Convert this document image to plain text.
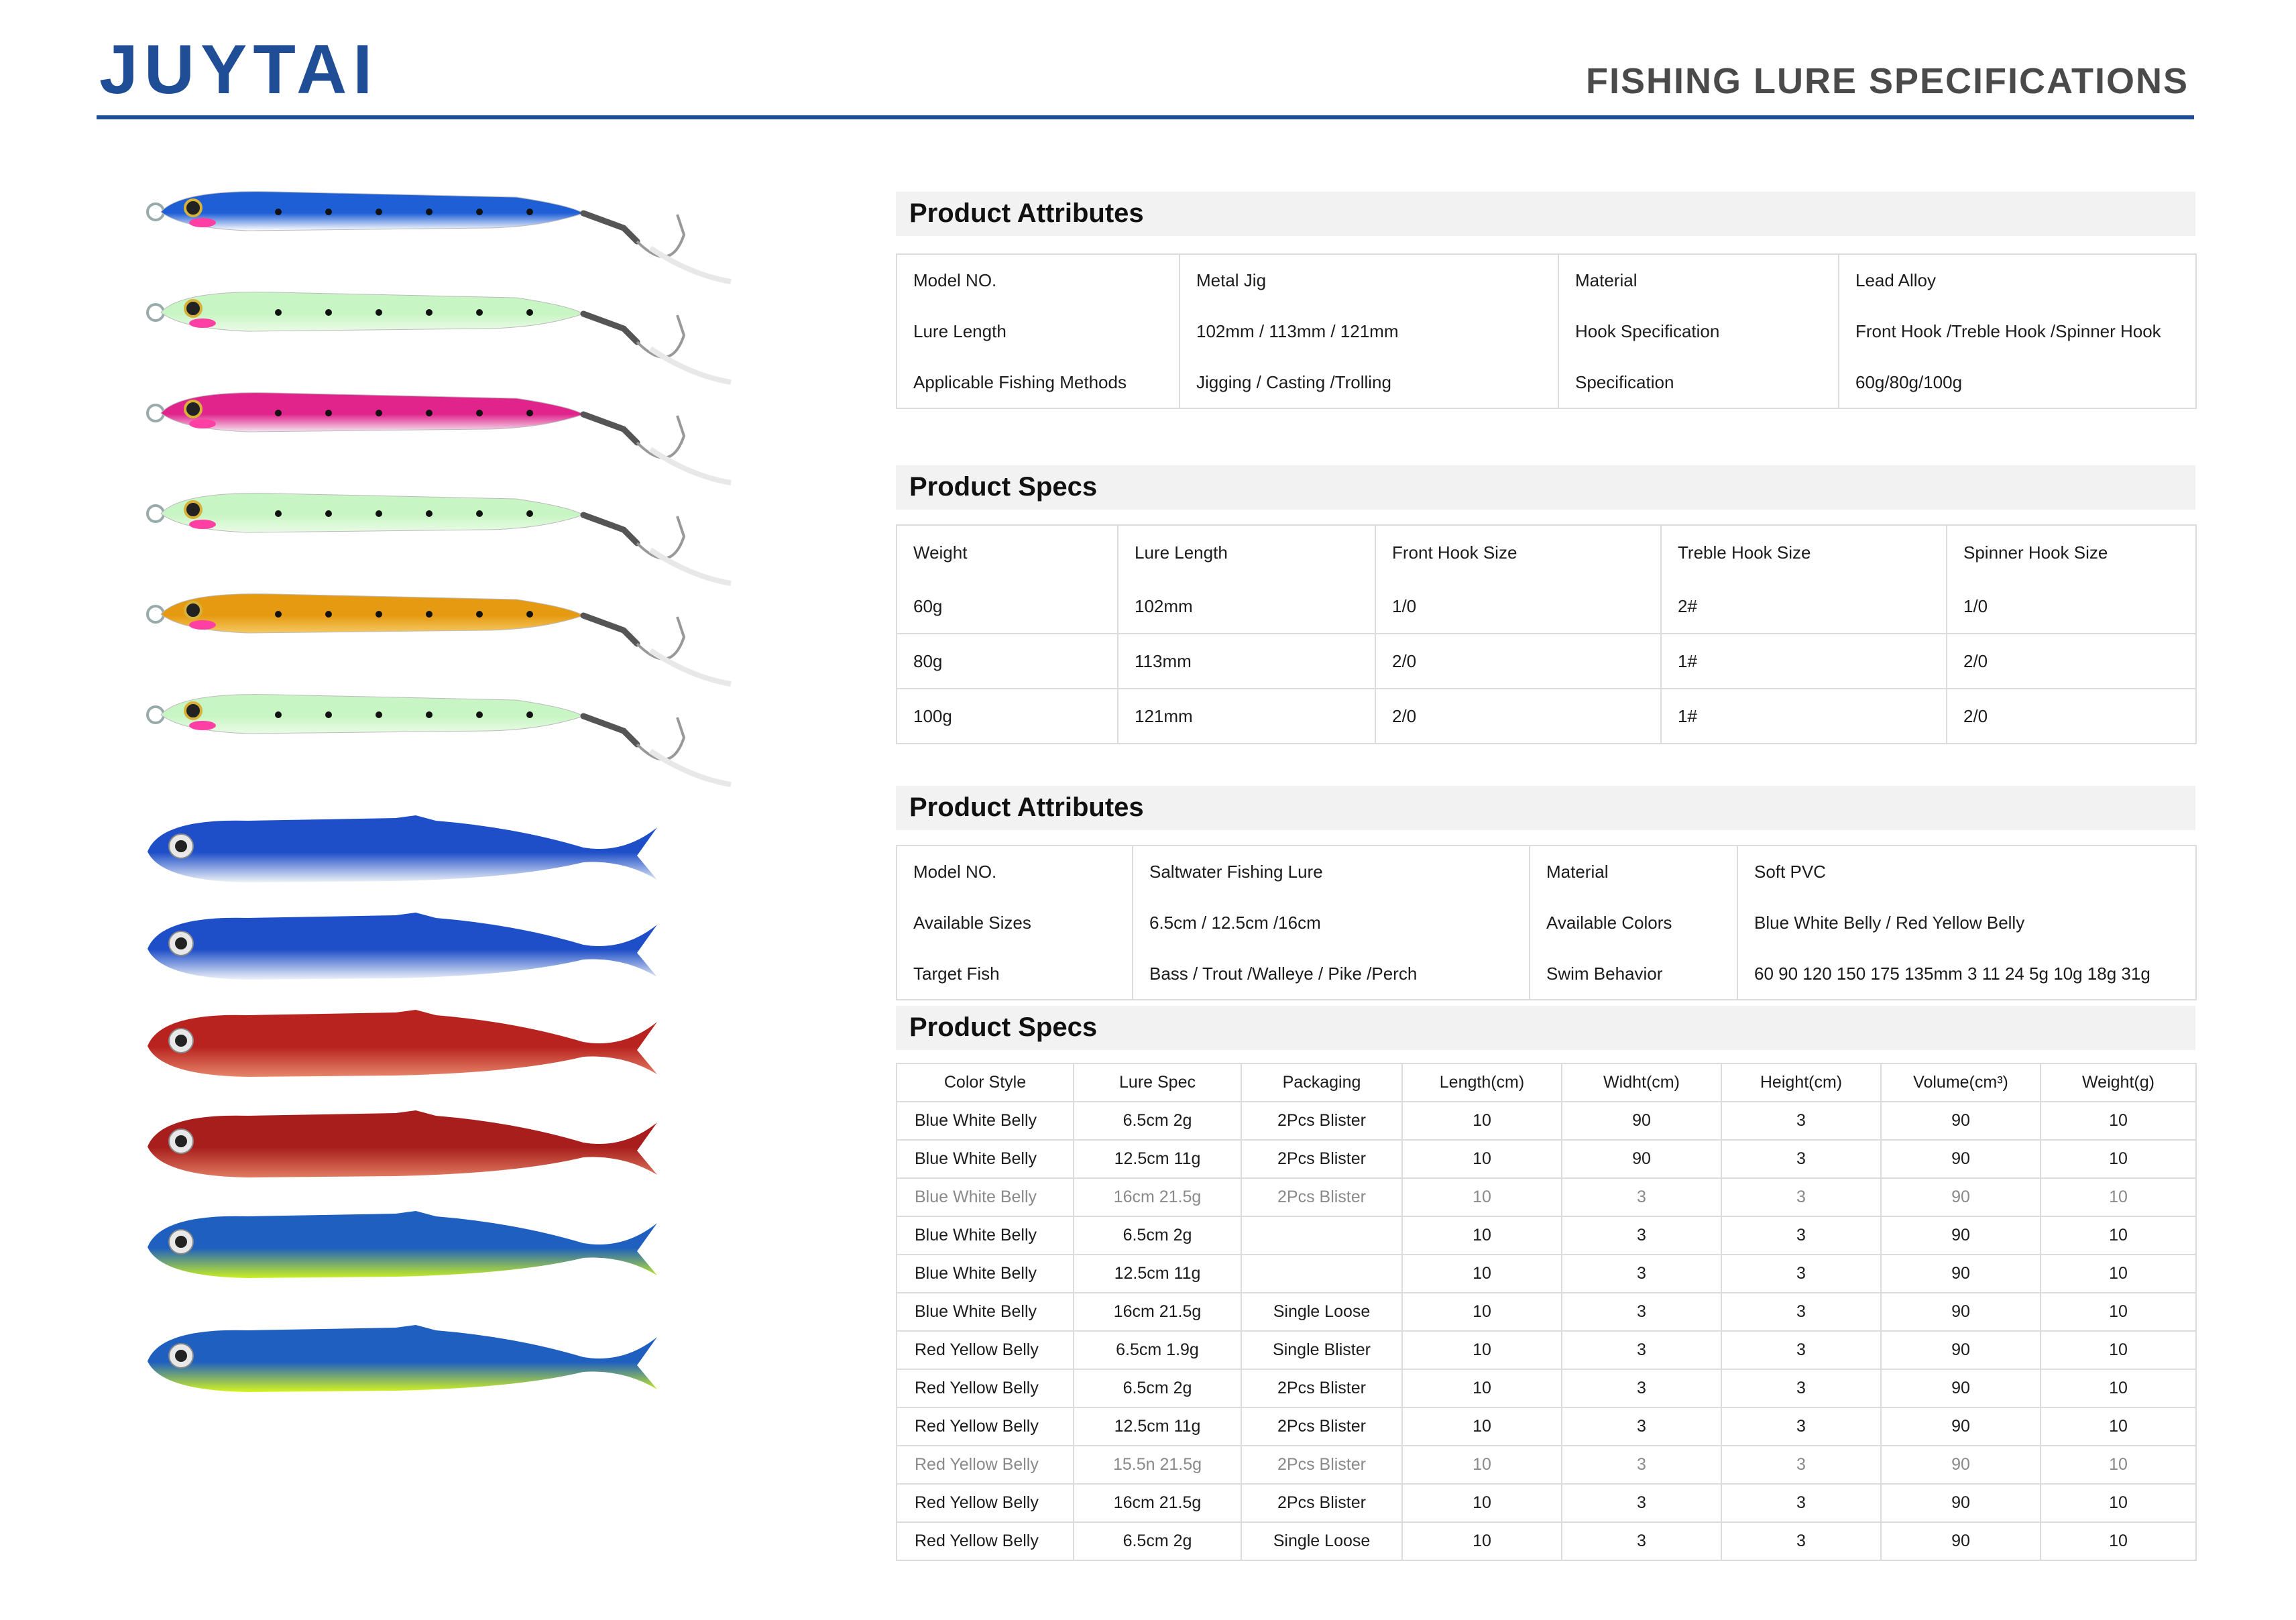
JUYTAI	FISHING LURE SPECIFICATIONS
Product Attributes
Model NO.	Metal Jig	Material	Lead Alloy
Lure Length	102mm / 113mm / 121mm	Hook Specification	Front Hook /Treble Hook /Spinner Hook
Applicable Fishing Methods	Jigging / Casting /Trolling	Specification	60g/80g/100g
Product Specs
Weight	Lure Length	Front Hook Size	Treble Hook Size	Spinner Hook Size
60g	102mm	1/0	2#	1/0
80g	113mm	2/0	1#	2/0
100g	121mm	2/0	1#	2/0
Product Attributes
Model NO.	Saltwater Fishing Lure	Material	Soft PVC
Available Sizes	6.5cm / 12.5cm /16cm	Available Colors	Blue White Belly / Red Yellow Belly
Target Fish	Bass / Trout /Walleye / Pike /Perch	Swim Behavior	60 90 120 150 175 135mm 3 11 24 5g 10g 18g 31g
Product Specs
Color Style	Lure Spec	Packaging	Length(cm)	Widht(cm)	Height(cm)	Volume(cm³)	Weight(g)
Blue White Belly	6.5cm 2g	2Pcs Blister	10	90	3	90	10
Blue White Belly	12.5cm 11g	2Pcs Blister	10	90	3	90	10
Blue White Belly	16cm 21.5g	2Pcs Blister	10	3	3	90	10
Blue White Belly	6.5cm 2g		10	3	3	90	10
Blue White Belly	12.5cm 11g		10	3	3	90	10
Blue White Belly	16cm 21.5g	Single Loose	10	3	3	90	10
Red Yellow Belly	6.5cm 1.9g	Single Blister	10	3	3	90	10
Red Yellow Belly	6.5cm 2g	2Pcs Blister	10	3	3	90	10
Red Yellow Belly	12.5cm 11g	2Pcs Blister	10	3	3	90	10
Red Yellow Belly	15.5n 21.5g	2Pcs Blister	10	3	3	90	10
Red Yellow Belly	16cm 21.5g	2Pcs Blister	10	3	3	90	10
Red Yellow Belly	6.5cm 2g	Single Loose	10	3	3	90	10
